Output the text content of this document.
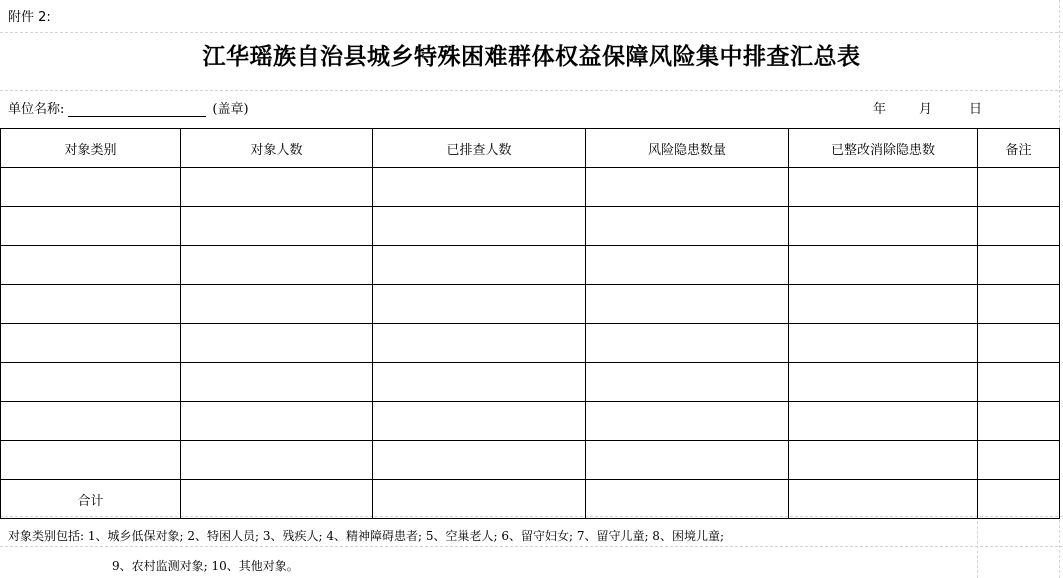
附件 2:
江华瑶族自治县城乡特殊困难群体权益保障风险集中排查汇总表
单位名称:	(盖章)	年	月	日
对象类别	对象人数	已排查人数	风险隐患数量	已整改消除隐患数	备注

合计					
对象类别包括: 1、城乡低保对象; 2、特困人员; 3、残疾人; 4、精神障碍患者; 5、空巢老人; 6、留守妇女; 7、留守儿童; 8、困境儿童;
9、农村监测对象; 10、其他对象。
